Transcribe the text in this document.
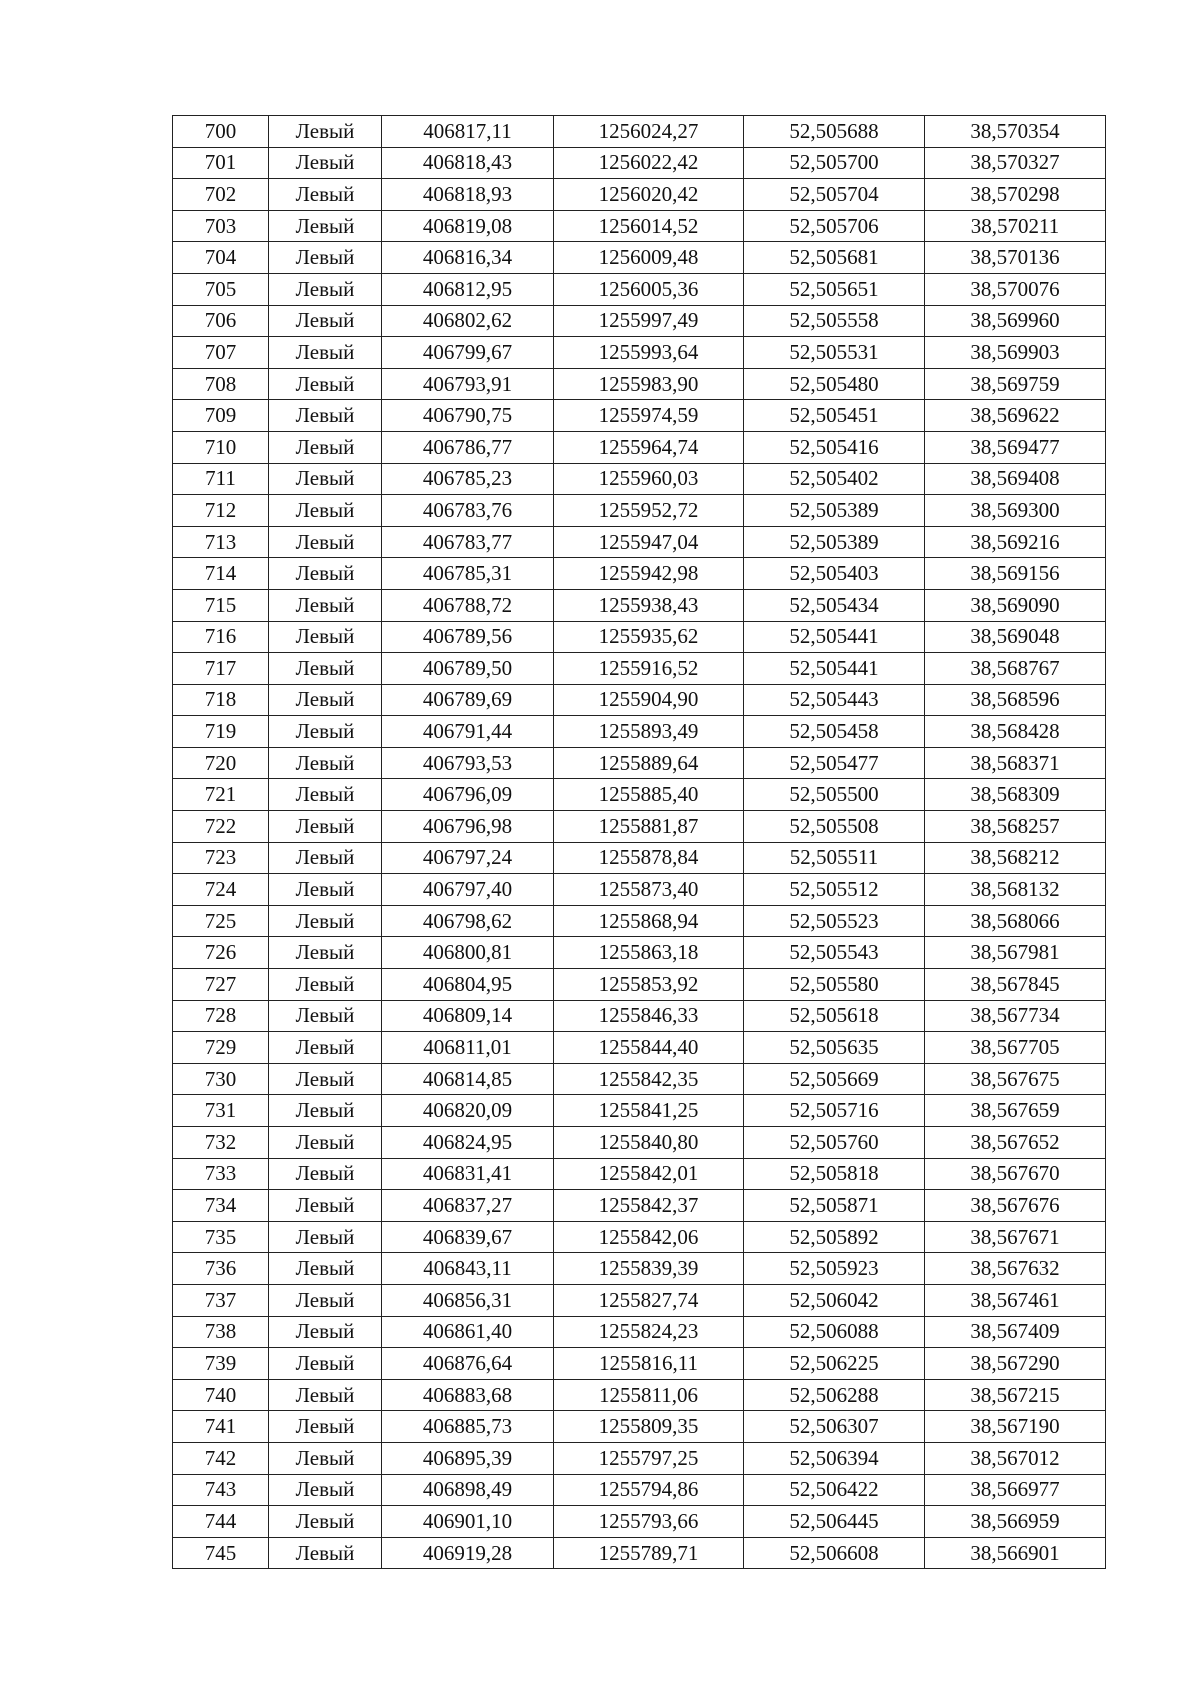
700	Левый	406817,11	1256024,27	52,505688	38,570354
701	Левый	406818,43	1256022,42	52,505700	38,570327
702	Левый	406818,93	1256020,42	52,505704	38,570298
703	Левый	406819,08	1256014,52	52,505706	38,570211
704	Левый	406816,34	1256009,48	52,505681	38,570136
705	Левый	406812,95	1256005,36	52,505651	38,570076
706	Левый	406802,62	1255997,49	52,505558	38,569960
707	Левый	406799,67	1255993,64	52,505531	38,569903
708	Левый	406793,91	1255983,90	52,505480	38,569759
709	Левый	406790,75	1255974,59	52,505451	38,569622
710	Левый	406786,77	1255964,74	52,505416	38,569477
711	Левый	406785,23	1255960,03	52,505402	38,569408
712	Левый	406783,76	1255952,72	52,505389	38,569300
713	Левый	406783,77	1255947,04	52,505389	38,569216
714	Левый	406785,31	1255942,98	52,505403	38,569156
715	Левый	406788,72	1255938,43	52,505434	38,569090
716	Левый	406789,56	1255935,62	52,505441	38,569048
717	Левый	406789,50	1255916,52	52,505441	38,568767
718	Левый	406789,69	1255904,90	52,505443	38,568596
719	Левый	406791,44	1255893,49	52,505458	38,568428
720	Левый	406793,53	1255889,64	52,505477	38,568371
721	Левый	406796,09	1255885,40	52,505500	38,568309
722	Левый	406796,98	1255881,87	52,505508	38,568257
723	Левый	406797,24	1255878,84	52,505511	38,568212
724	Левый	406797,40	1255873,40	52,505512	38,568132
725	Левый	406798,62	1255868,94	52,505523	38,568066
726	Левый	406800,81	1255863,18	52,505543	38,567981
727	Левый	406804,95	1255853,92	52,505580	38,567845
728	Левый	406809,14	1255846,33	52,505618	38,567734
729	Левый	406811,01	1255844,40	52,505635	38,567705
730	Левый	406814,85	1255842,35	52,505669	38,567675
731	Левый	406820,09	1255841,25	52,505716	38,567659
732	Левый	406824,95	1255840,80	52,505760	38,567652
733	Левый	406831,41	1255842,01	52,505818	38,567670
734	Левый	406837,27	1255842,37	52,505871	38,567676
735	Левый	406839,67	1255842,06	52,505892	38,567671
736	Левый	406843,11	1255839,39	52,505923	38,567632
737	Левый	406856,31	1255827,74	52,506042	38,567461
738	Левый	406861,40	1255824,23	52,506088	38,567409
739	Левый	406876,64	1255816,11	52,506225	38,567290
740	Левый	406883,68	1255811,06	52,506288	38,567215
741	Левый	406885,73	1255809,35	52,506307	38,567190
742	Левый	406895,39	1255797,25	52,506394	38,567012
743	Левый	406898,49	1255794,86	52,506422	38,566977
744	Левый	406901,10	1255793,66	52,506445	38,566959
745	Левый	406919,28	1255789,71	52,506608	38,566901
